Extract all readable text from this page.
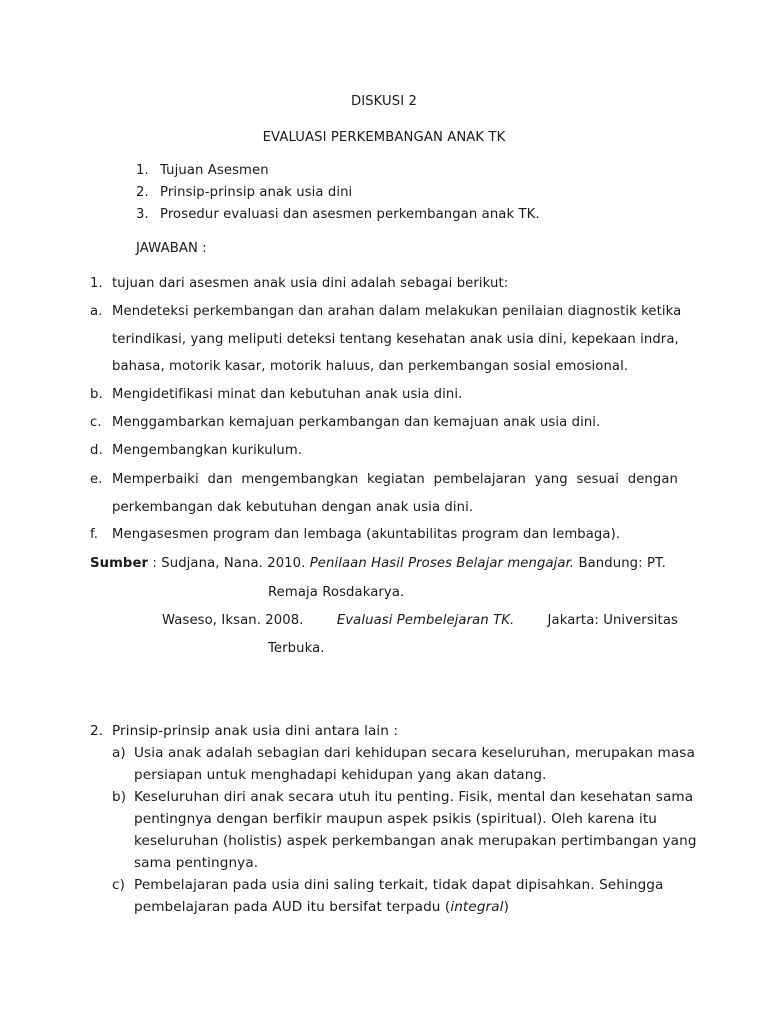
DISKUSI 2
EVALUASI PERKEMBANGAN ANAK TK
1. Tujuan Asesmen
2. Prinsip-prinsip anak usia dini
3. Prosedur evaluasi dan asesmen perkembangan anak TK.
JAWABAN :
1. tujuan dari asesmen anak usia dini adalah sebagai berikut:
a. Mendeteksi perkembangan dan arahan dalam melakukan penilaian diagnostik ketika
terindikasi, yang meliputi deteksi tentang kesehatan anak usia dini, kepekaan indra,
bahasa, motorik kasar, motorik haluus, dan perkembangan sosial emosional.
b. Mengidetifikasi minat dan kebutuhan anak usia dini.
c. Menggambarkan kemajuan perkambangan dan kemajuan anak usia dini.
d. Mengembangkan kurikulum.
e. Memperbaiki dan mengembangkan kegiatan pembelajaran yang sesuai dengan
perkembangan dak kebutuhan dengan anak usia dini.
f. Mengasesmen program dan lembaga (akuntabilitas program dan lembaga).
Sumber : Sudjana, Nana. 2010. Penilaan Hasil Proses Belajar mengajar. Bandung: PT.
Remaja Rosdakarya.
Waseso, Iksan. 2008.	Evaluasi Pembelejaran TK.	Jakarta: Universitas
Terbuka.
2. Prinsip-prinsip anak usia dini antara lain :
a) Usia anak adalah sebagian dari kehidupan secara keseluruhan, merupakan masa
persiapan untuk menghadapi kehidupan yang akan datang.
b) Keseluruhan diri anak secara utuh itu penting. Fisik, mental dan kesehatan sama
pentingnya dengan berfikir maupun aspek psikis (spiritual). Oleh karena itu
keseluruhan (holistis) aspek perkembangan anak merupakan pertimbangan yang
sama pentingnya.
c) Pembelajaran pada usia dini saling terkait, tidak dapat dipisahkan. Sehingga
pembelajaran pada AUD itu bersifat terpadu (integral)
